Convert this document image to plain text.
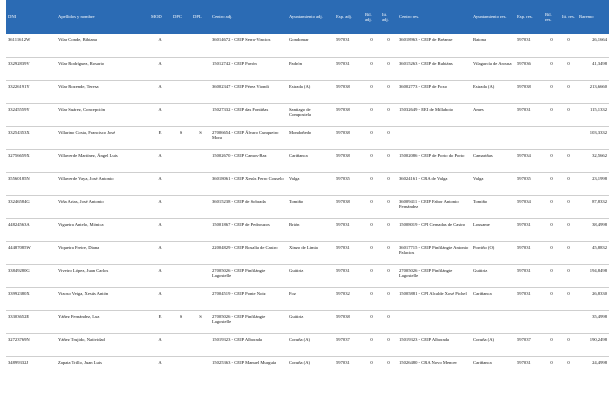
DNI	Apellidos y nombre	MOD	DPC	DPL	Centro adj.	Ayuntamiento adj.	Esp. adj.	Bil. adj.	Iti. adj.	Centro res.	Ayuntamiento res.	Esp. res.	Bil. res.	Iti. res.	Baremo
36111612W	Vilar Conde, Bibiana	A			36014672 - CEIP Serra-Vincios	Gondomar	597031	0	0	36018963 - CEIP de Bréanse	Baiona	597031	0	0	26,1664
33292839V	Vilar Rodríguez, Rosario	A			15012742 - CEIP Pavón	Padrón	597031	0	0	36015263 - CEIP de Rubiáns	Vilagarcía de Arousa	597036	0	0	41,3498
33226191Y	Vilar Rozende, Teresa	A			36002347 - CEIP Pérez Viondi	Estrada (A)	597038	0	0	36002773 - CEIP de Foxo	Estrada (A)	597038	0	0	213,6660
33245559Y	Vilar Suárez, Concepción	A			15027332 - CEIP das Fontiñas	Santiago de Compostela	597038	0	0	15032649 - EEI de Millaboio	Ames	597031	0	0	115,1332
33254353X	Villarino Costa, Francisco José	E	S	S	27006654 - CEIP Álvaro Cunqueiro Mora	Mondoñedo	597038	0	0						103,3332
32756659X	Villaverde Martínez, Ángel Luis	A			15002670 - CEIP Camos-Baz	Cariñanca	597038	0	0	15002086 - CEIP de Porto do Porto	Camariñas	597034	0	0	32,5662
35560185N	Villaverde Vaya, José Antonio	A			36018061 - CEIP Xesús Ferro Couselo	Valga	597035	0	0	36024161 - CRA de Valga	Valga	597035	0	0	23,1998
33246584G	Viña Arias, José Antonio	A			36015238 - CEIP de Sobrada	Tomiño	597038	0	0	36009411 - CEIP Fabor Antonio Fernández	Tomiño	597034	0	0	87,8332
44824563A	Vigueira Antelo, Mónica	A			15001867 - CEIP de Pedrouzos	Brión	597031	0	0	15008019 - CPI Cernadas de Castro	Lousame	597031	0	0	38,4998
44487085W	Viqueira Freire, Diana	A			22004829 - CEIP Rosalía de Castro	Xinzo de Limia	597031	0	0	36017715 - CEIP Pinfilángie Antonio Palacios	Porriño (O)	597031	0	0	45,8832
33849280G	Viveiro López, Juan Carlos	A			27005026 - CEIP Pinfilángie Lagostelle	Guitiriz	597031	0	0	27005026 - CEIP Pinfilángie Lagostelle	Guitiriz	597031	0	0	194,8498
33992380X	Vizoso Veiga, Xesús Antón	A			27004519 - CEIP Ponte Noiz	Foz	597032	0	0	15005881 - CPI Alcalde Xosé Pichel	Cariñanca	597031	0	0	26,8330
33303652E	Yáñez Fernández, Luz	E	S	S	27005026 - CEIP Pinfilángie Lagostelle	Guitiriz	597038	0	0						35,4998
32723769N	Yáñez Trujido, Natividad	A			15019323 - CEIP Alborada	Coruña (A)	597037	0	0	15019323 - CEIP Alborada	Coruña (A)	597037	0	0	190,2498
34899332J	Zapata Trillo, Juan Luis	A			15025363 - CEIP Manuel Murguía	Coruña (A)	597031	0	0	15026480 - CRA Novo Mencer	Cariñanca	597031	0	0	24,4998
